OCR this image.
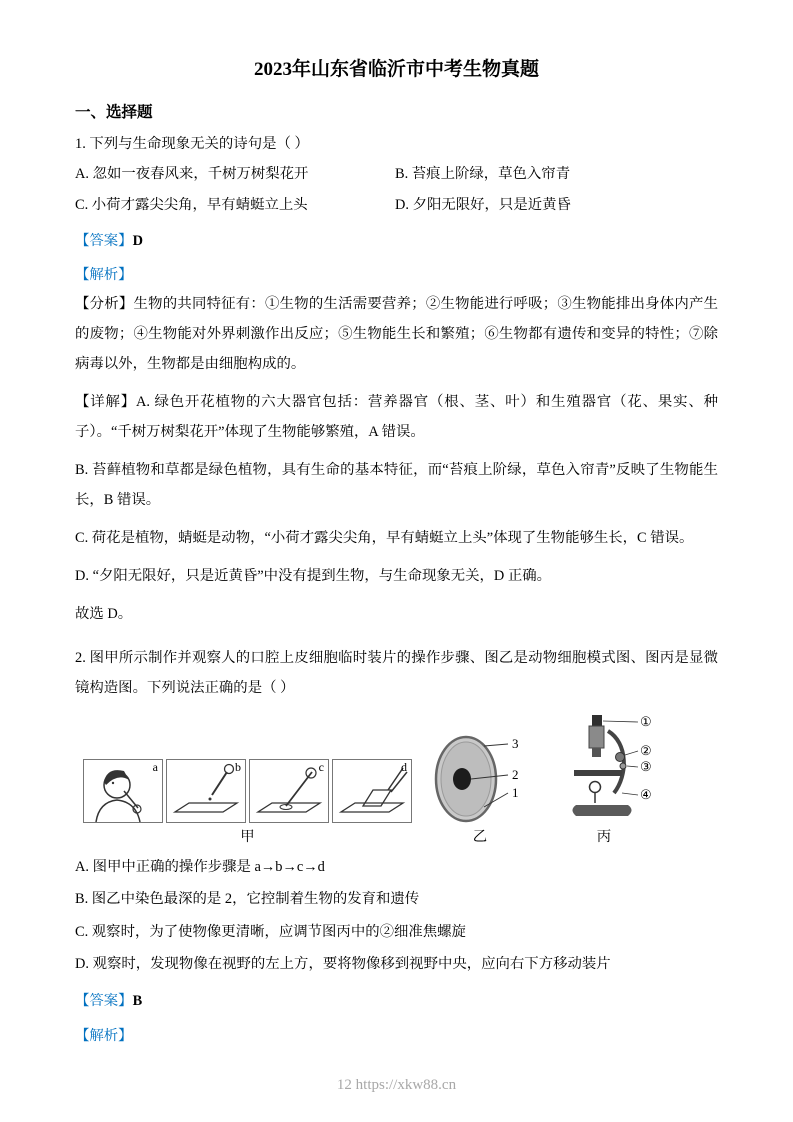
2023年山东省临沂市中考生物真题
一、选择题
1. 下列与生命现象无关的诗句是（ ）
A. 忽如一夜春风来，千树万树梨花开	B. 苔痕上阶绿，草色入帘青
C. 小荷才露尖尖角，早有蜻蜓立上头	D. 夕阳无限好，只是近黄昏
【答案】D
【解析】

【分析】生物的共同特征有：①生物的生活需要营养；②生物能进行呼吸；③生物能排出身体内产生的废物；④生物能对外界刺激作出反应；⑤生物能生长和繁殖；⑥生物都有遗传和变异的特性；⑦除病毒以外，生物都是由细胞构成的。

【详解】A. 绿色开花植物的六大器官包括：营养器官（根、茎、叶）和生殖器官（花、果实、种子）。“千树万树梨花开”体现了生物能够繁殖，A 错误。

B. 苔藓植物和草都是绿色植物，具有生命的基本特征，而“苔痕上阶绿，草色入帘青”反映了生物能生长，B 错误。

C. 荷花是植物，蜻蜓是动物，“小荷才露尖尖角，早有蜻蜓立上头”体现了生物能够生长，C 错误。

D. “夕阳无限好，只是近黄昏”中没有提到生物，与生命现象无关，D 正确。

故选 D。

2. 图甲所示制作并观察人的口腔上皮细胞临时装片的操作步骤、图乙是动物细胞模式图、图丙是显微镜构造图。下列说法正确的是（ ）
a	b	c	d
甲
3
2
1
乙
①
②
③
④
丙
A. 图甲中正确的操作步骤是 a→b→c→d
B. 图乙中染色最深的是 2，它控制着生物的发育和遗传
C. 观察时，为了使物像更清晰，应调节图丙中的②细准焦螺旋
D. 观察时，发现物像在视野的左上方，要将物像移到视野中央，应向右下方移动装片
【答案】B
【解析】
12 https://xkw88.cn
